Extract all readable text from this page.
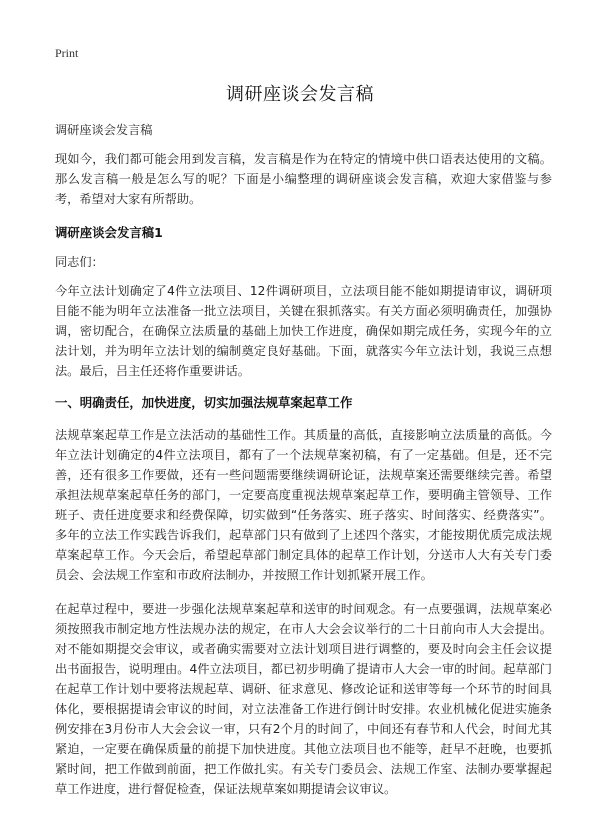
Print
调研座谈会发言稿

调研座谈会发言稿

现如今，我们都可能会用到发言稿，发言稿是作为在特定的情境中供口语表达使用的文稿。那么发言稿一般是怎么写的呢？下面是小编整理的调研座谈会发言稿，欢迎大家借鉴与参考，希望对大家有所帮助。

调研座谈会发言稿1

同志们：

今年立法计划确定了4件立法项目、12件调研项目，立法项目能不能如期提请审议，调研项目能不能为明年立法准备一批立法项目，关键在狠抓落实。有关方面必须明确责任，加强协调，密切配合，在确保立法质量的基础上加快工作进度，确保如期完成任务，实现今年的立法计划，并为明年立法计划的编制奠定良好基础。下面，就落实今年立法计划，我说三点想法。最后，吕主任还将作重要讲话。

一、明确责任，加快进度，切实加强法规草案起草工作

法规草案起草工作是立法活动的基础性工作。其质量的高低，直接影响立法质量的高低。今年立法计划确定的4件立法项目，都有了一个法规草案初稿，有了一定基础。但是，还不完善，还有很多工作要做，还有一些问题需要继续调研论证，法规草案还需要继续完善。希望承担法规草案起草任务的部门，一定要高度重视法规草案起草工作，要明确主管领导、工作班子、责任进度要求和经费保障，切实做到“任务落实、班子落实、时间落实、经费落实”。多年的立法工作实践告诉我们，起草部门只有做到了上述四个落实，才能按期优质完成法规草案起草工作。今天会后，希望起草部门制定具体的起草工作计划，分送市人大有关专门委员会、会法规工作室和市政府法制办，并按照工作计划抓紧开展工作。

在起草过程中，要进一步强化法规草案起草和送审的时间观念。有一点要强调，法规草案必须按照我市制定地方性法规办法的规定，在市人大会会议举行的二十日前向市人大会提出。对不能如期提交会审议，或者确实需要对立法计划项目进行调整的，要及时向会主任会议提出书面报告，说明理由。4件立法项目，都已初步明确了提请市人大会一审的时间。起草部门在起草工作计划中要将法规起草、调研、征求意见、修改论证和送审等每一个环节的时间具体化，要根据提请会审议的时间，对立法准备工作进行倒计时安排。农业机械化促进实施条例安排在3月份市人大会会议一审，只有2个月的时间了，中间还有春节和人代会，时间尤其紧迫，一定要在确保质量的前提下加快进度。其他立法项目也不能等，赶早不赶晚，也要抓紧时间，把工作做到前面，把工作做扎实。有关专门委员会、法规工作室、法制办要掌握起草工作进度，进行督促检查，保证法规草案如期提请会议审议。
